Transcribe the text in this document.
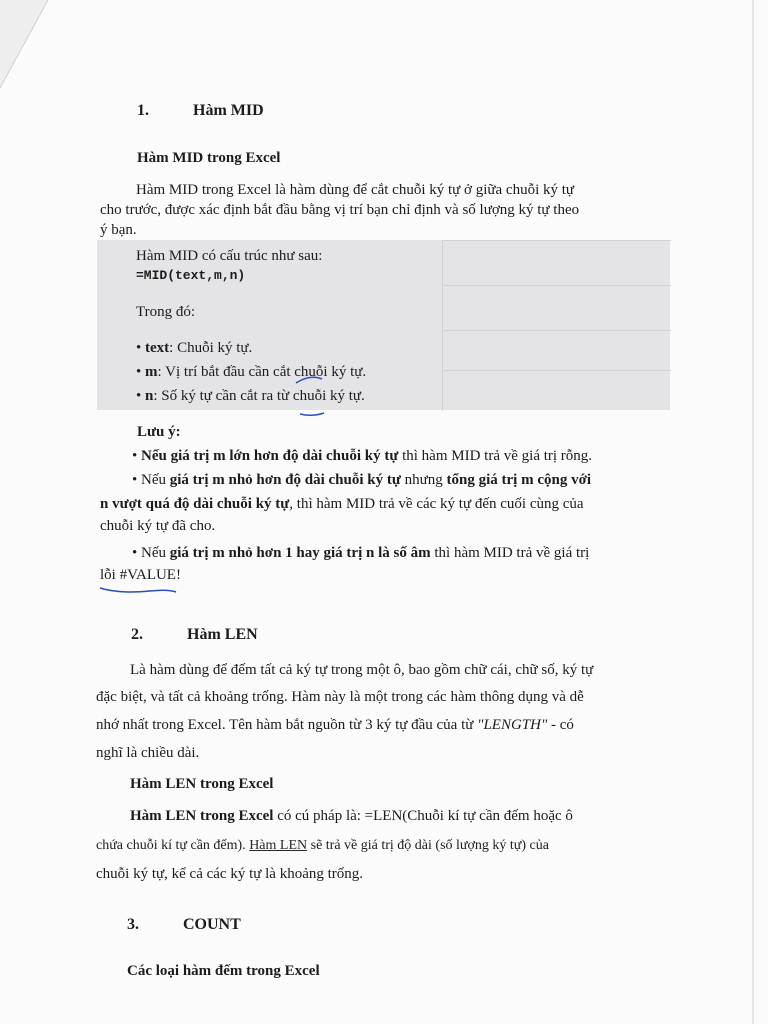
1.	Hàm MID
Hàm MID trong Excel
Hàm MID trong Excel là hàm dùng để cắt chuỗi ký tự ở giữa chuỗi ký tự
cho trước, được xác định bắt đầu bằng vị trí bạn chỉ định và số lượng ký tự theo
ý bạn.
Hàm MID có cấu trúc như sau:
=MID(text,m,n)
Trong đó:
• text: Chuỗi ký tự.
• m: Vị trí bắt đầu cần cắt chuỗi ký tự.
• n: Số ký tự cần cắt ra từ chuỗi ký tự.
Lưu ý:
• Nếu giá trị m lớn hơn độ dài chuỗi ký tự thì hàm MID trả về giá trị rỗng.
• Nếu giá trị m nhỏ hơn độ dài chuỗi ký tự nhưng tổng giá trị m cộng với
n vượt quá độ dài chuỗi ký tự, thì hàm MID trả về các ký tự đến cuối cùng của
chuỗi ký tự đã cho.
• Nếu giá trị m nhỏ hơn 1 hay giá trị n là số âm thì hàm MID trả về giá trị
lỗi #VALUE!
2.	Hàm LEN
Là hàm dùng để đếm tất cả ký tự trong một ô, bao gồm chữ cái, chữ số, ký tự
đặc biệt, và tất cả khoảng trống. Hàm này là một trong các hàm thông dụng và dễ
nhớ nhất trong Excel. Tên hàm bắt nguồn từ 3 ký tự đầu của từ "LENGTH" - có
nghĩ là chiều dài.
Hàm LEN trong Excel
Hàm LEN trong Excel có cú pháp là: =LEN(Chuỗi kí tự cần đếm hoặc ô
chứa chuỗi kí tự cần đếm). Hàm LEN sẽ trả về giá trị độ dài (số lượng ký tự) của
chuỗi ký tự, kể cả các ký tự là khoảng trống.
3.	COUNT
Các loại hàm đếm trong Excel
